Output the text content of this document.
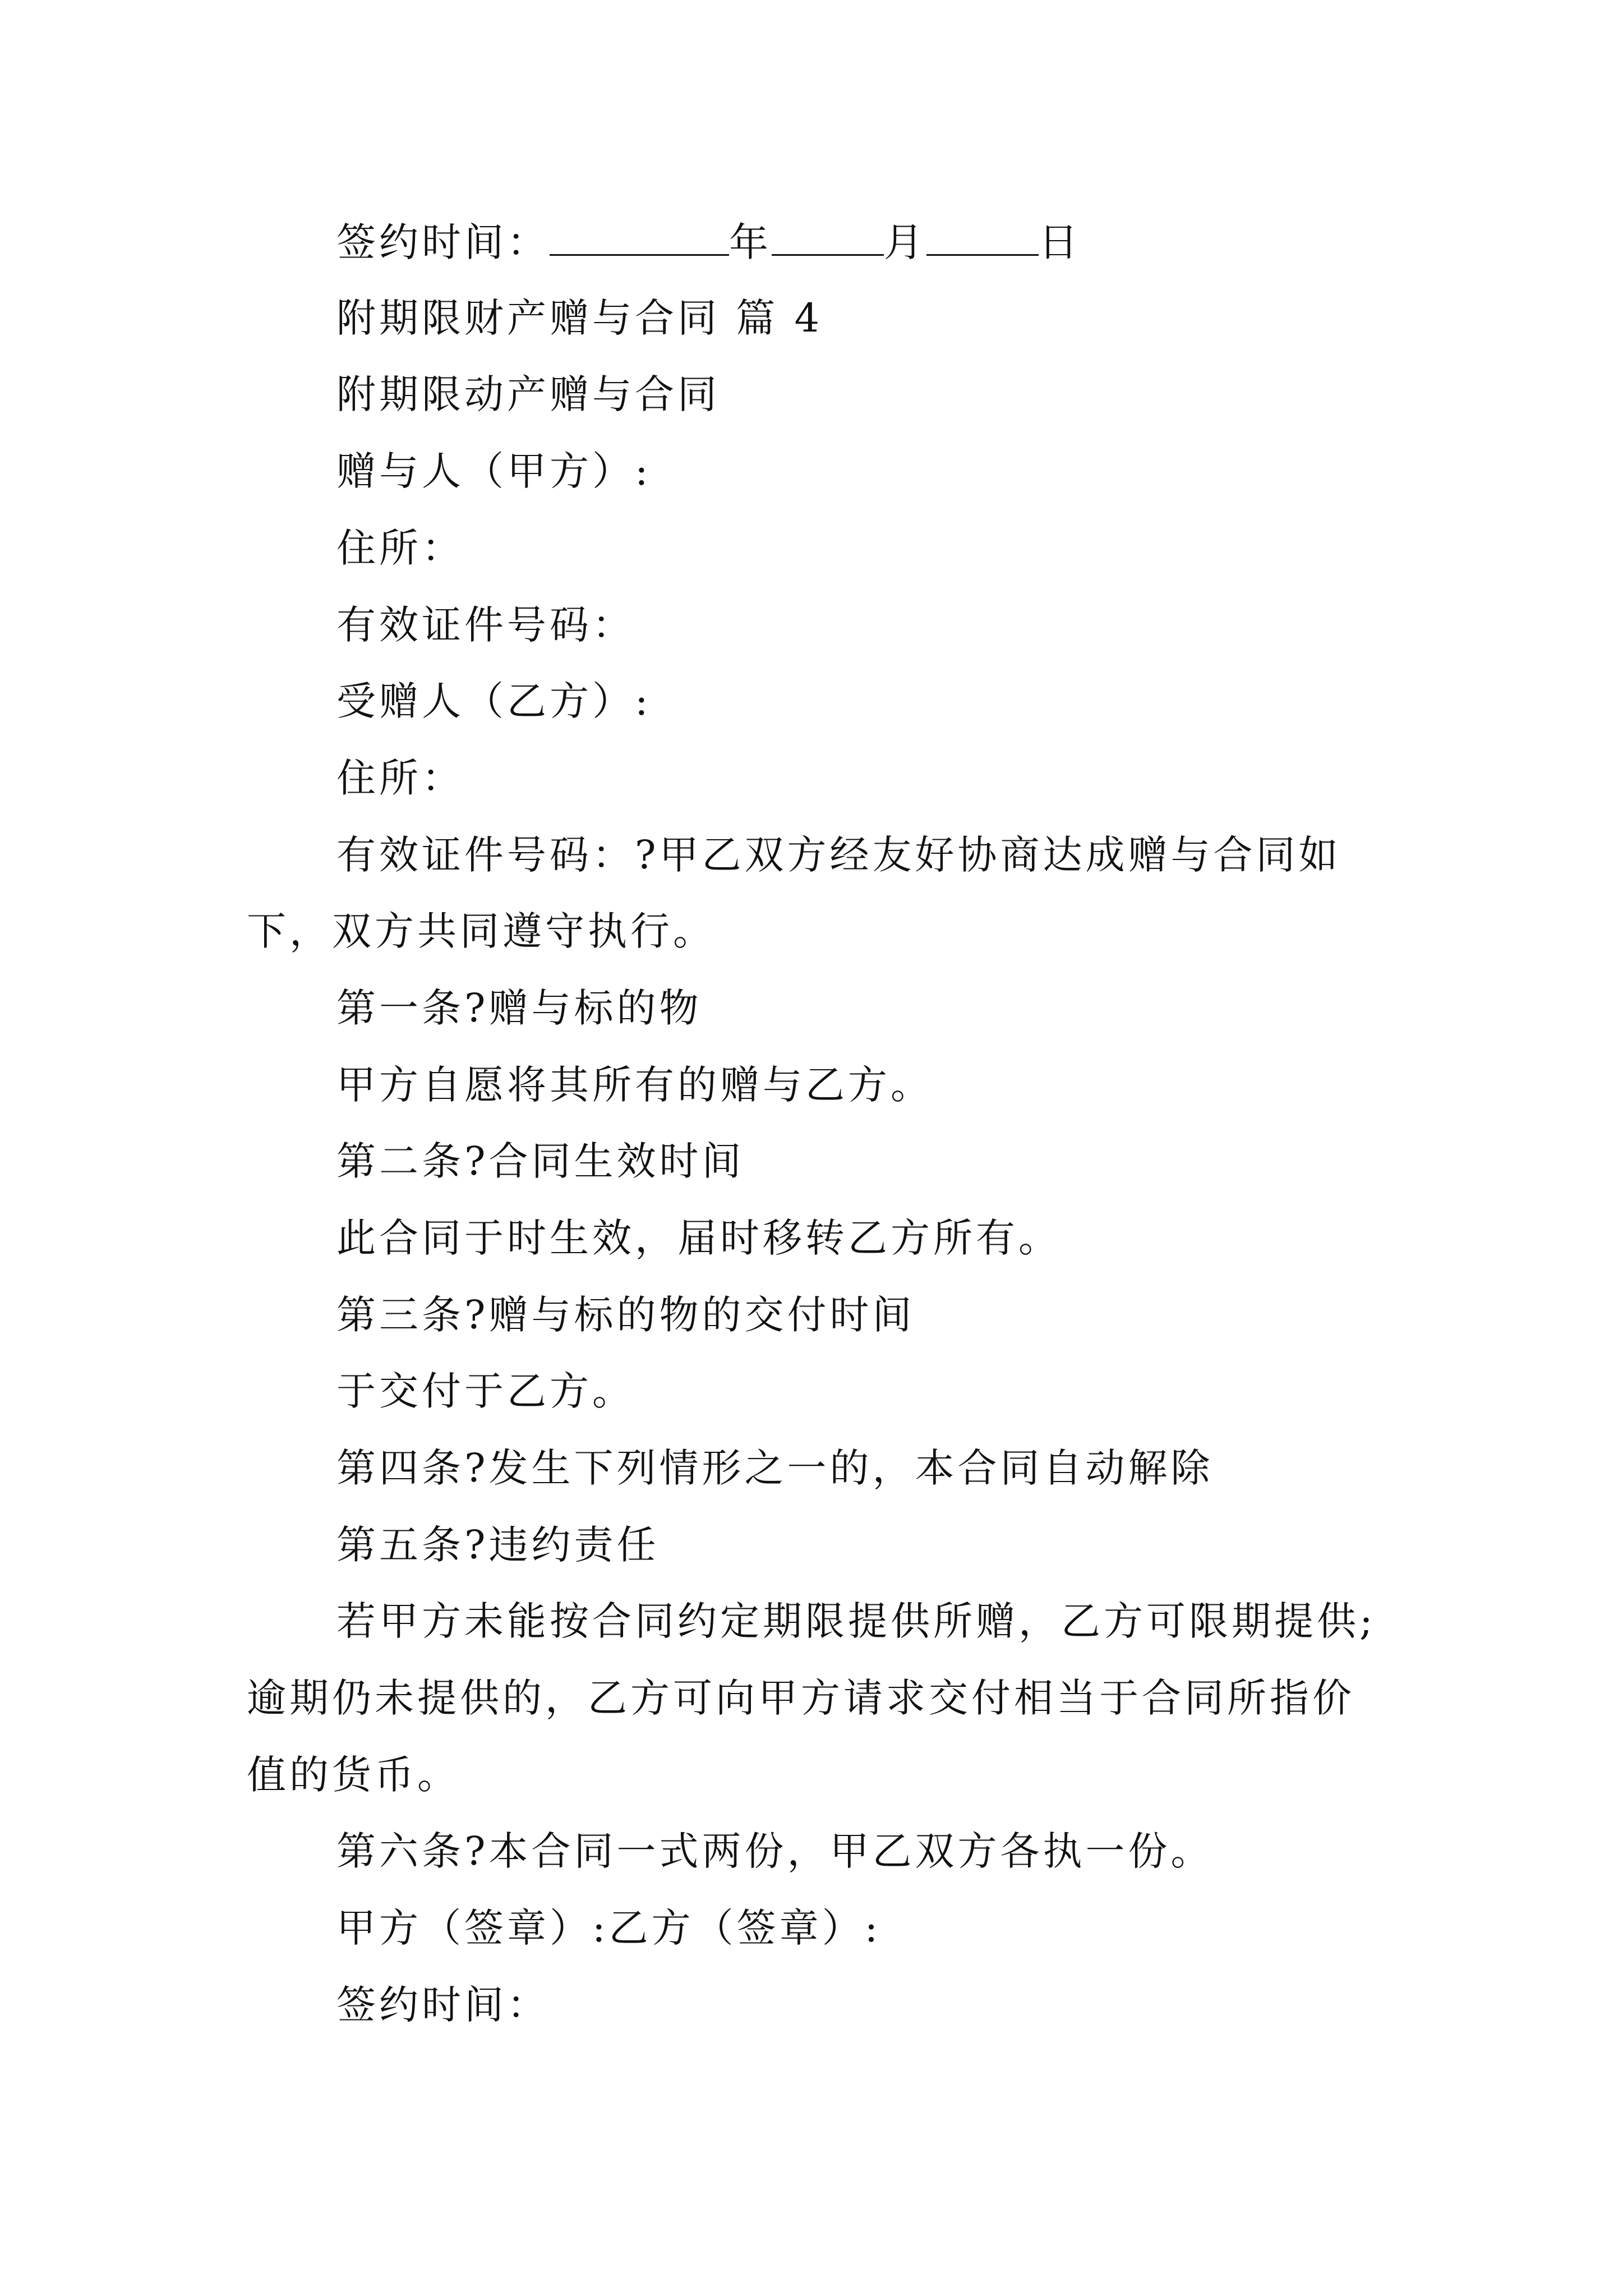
签约时间：	年	月	日
附期限财产赠与合同 篇 4
附期限动产赠与合同
赠与人（甲方）:
住所：
有效证件号码：
受赠人（乙方）:
住所：
有效证件号码：?甲乙双方经友好协商达成赠与合同如
下，双方共同遵守执行。
第一条?赠与标的物
甲方自愿将其所有的赠与乙方。
第二条?合同生效时间
此合同于时生效，届时移转乙方所有。
第三条?赠与标的物的交付时间
于交付于乙方。
第四条?发生下列情形之一的，本合同自动解除
第五条?违约责任
若甲方未能按合同约定期限提供所赠，乙方可限期提供;
逾期仍未提供的，乙方可向甲方请求交付相当于合同所指价
值的货币。
第六条?本合同一式两份，甲乙双方各执一份。
甲方（签章）:乙方（签章）:
签约时间：
